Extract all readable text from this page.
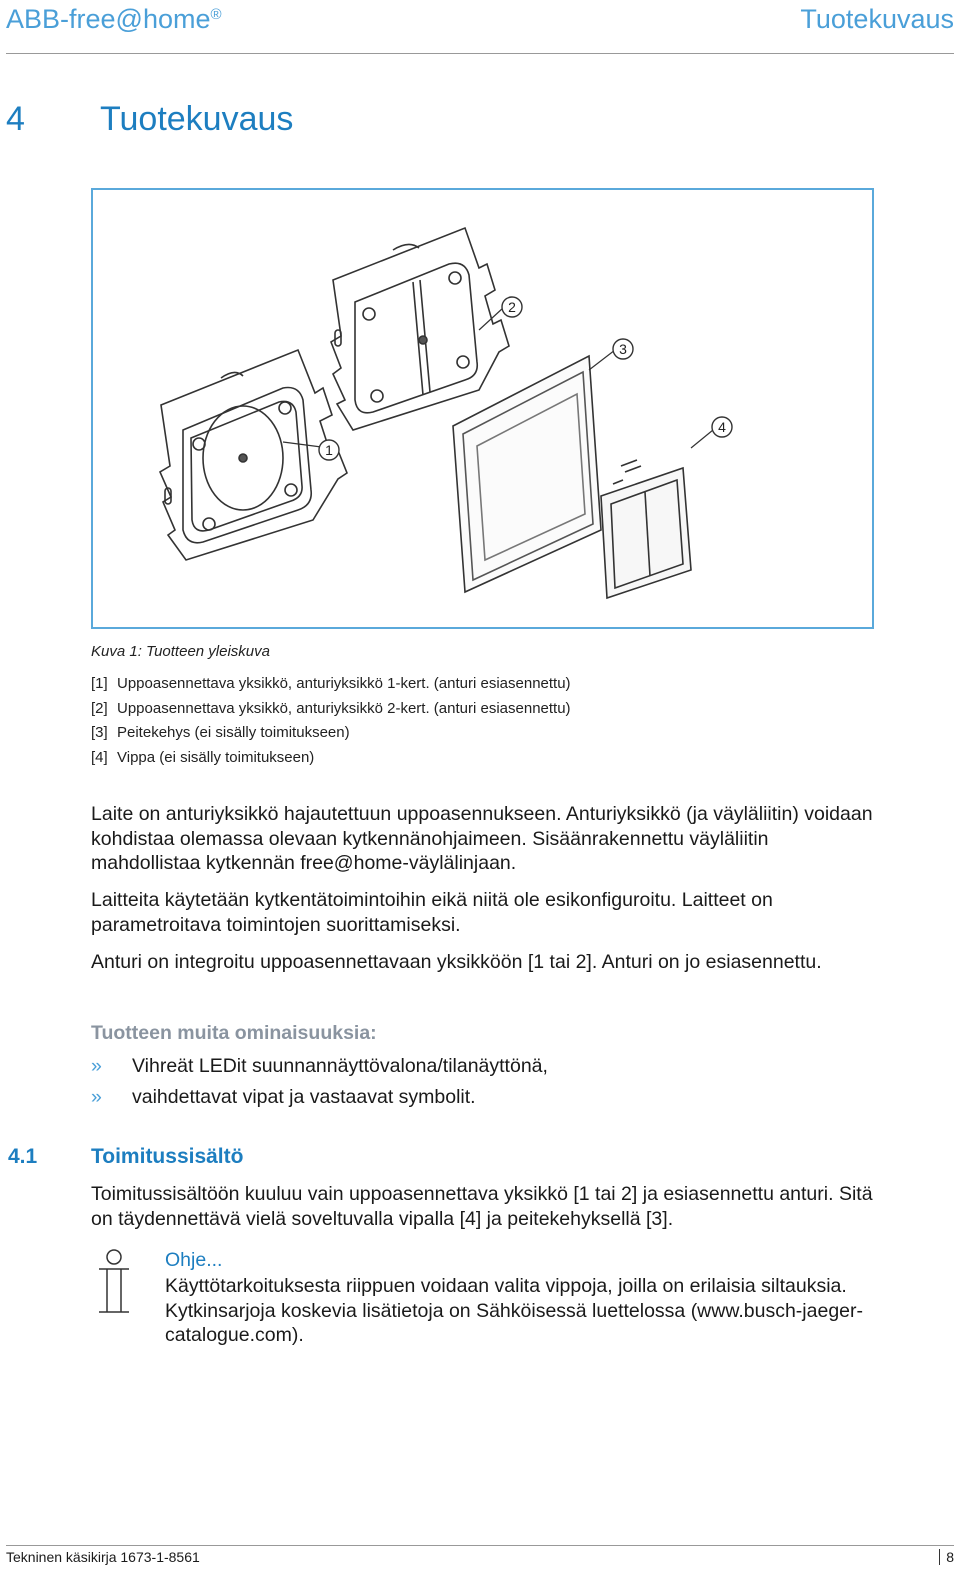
ABB-free@home®	Tuotekuvaus
4 Tuotekuvaus
1
2
3
4
Kuva 1: Tuotteen yleiskuva
[1] Uppoasennettava yksikkö, anturiyksikkö 1-kert. (anturi esiasennettu)
[2] Uppoasennettava yksikkö, anturiyksikkö 2-kert. (anturi esiasennettu)
[3] Peitekehys (ei sisälly toimitukseen)
[4] Vippa (ei sisälly toimitukseen)
Laite on anturiyksikkö hajautettuun uppoasennukseen. Anturiyksikkö (ja väyläliitin) voidaan kohdistaa olemassa olevaan kytkennänohjaimeen. Sisäänrakennettu väyläliitin mahdollistaa kytkennän free@home-väylälinjaan.
Laitteita käytetään kytkentätoimintoihin eikä niitä ole esikonfiguroitu. Laitteet on parametroitava toimintojen suorittamiseksi.
Anturi on integroitu uppoasennettavaan yksikköön [1 tai 2]. Anturi on jo esiasennettu.
Tuotteen muita ominaisuuksia:
» Vihreät LEDit suunnannäyttövalona/tilanäyttönä,
» vaihdettavat vipat ja vastaavat symbolit.
4.1	Toimitussisältö
Toimitussisältöön kuuluu vain uppoasennettava yksikkö [1 tai 2] ja esiasennettu anturi. Sitä on täydennettävä vielä soveltuvalla vipalla [4] ja peitekehyksellä [3].
Ohje...
Käyttötarkoituksesta riippuen voidaan valita vippoja, joilla on erilaisia siltauksia. Kytkinsarjoja koskevia lisätietoja on Sähköisessä luettelossa (www.busch-jaeger-catalogue.com).
Tekninen käsikirja 1673-1-8561	8
